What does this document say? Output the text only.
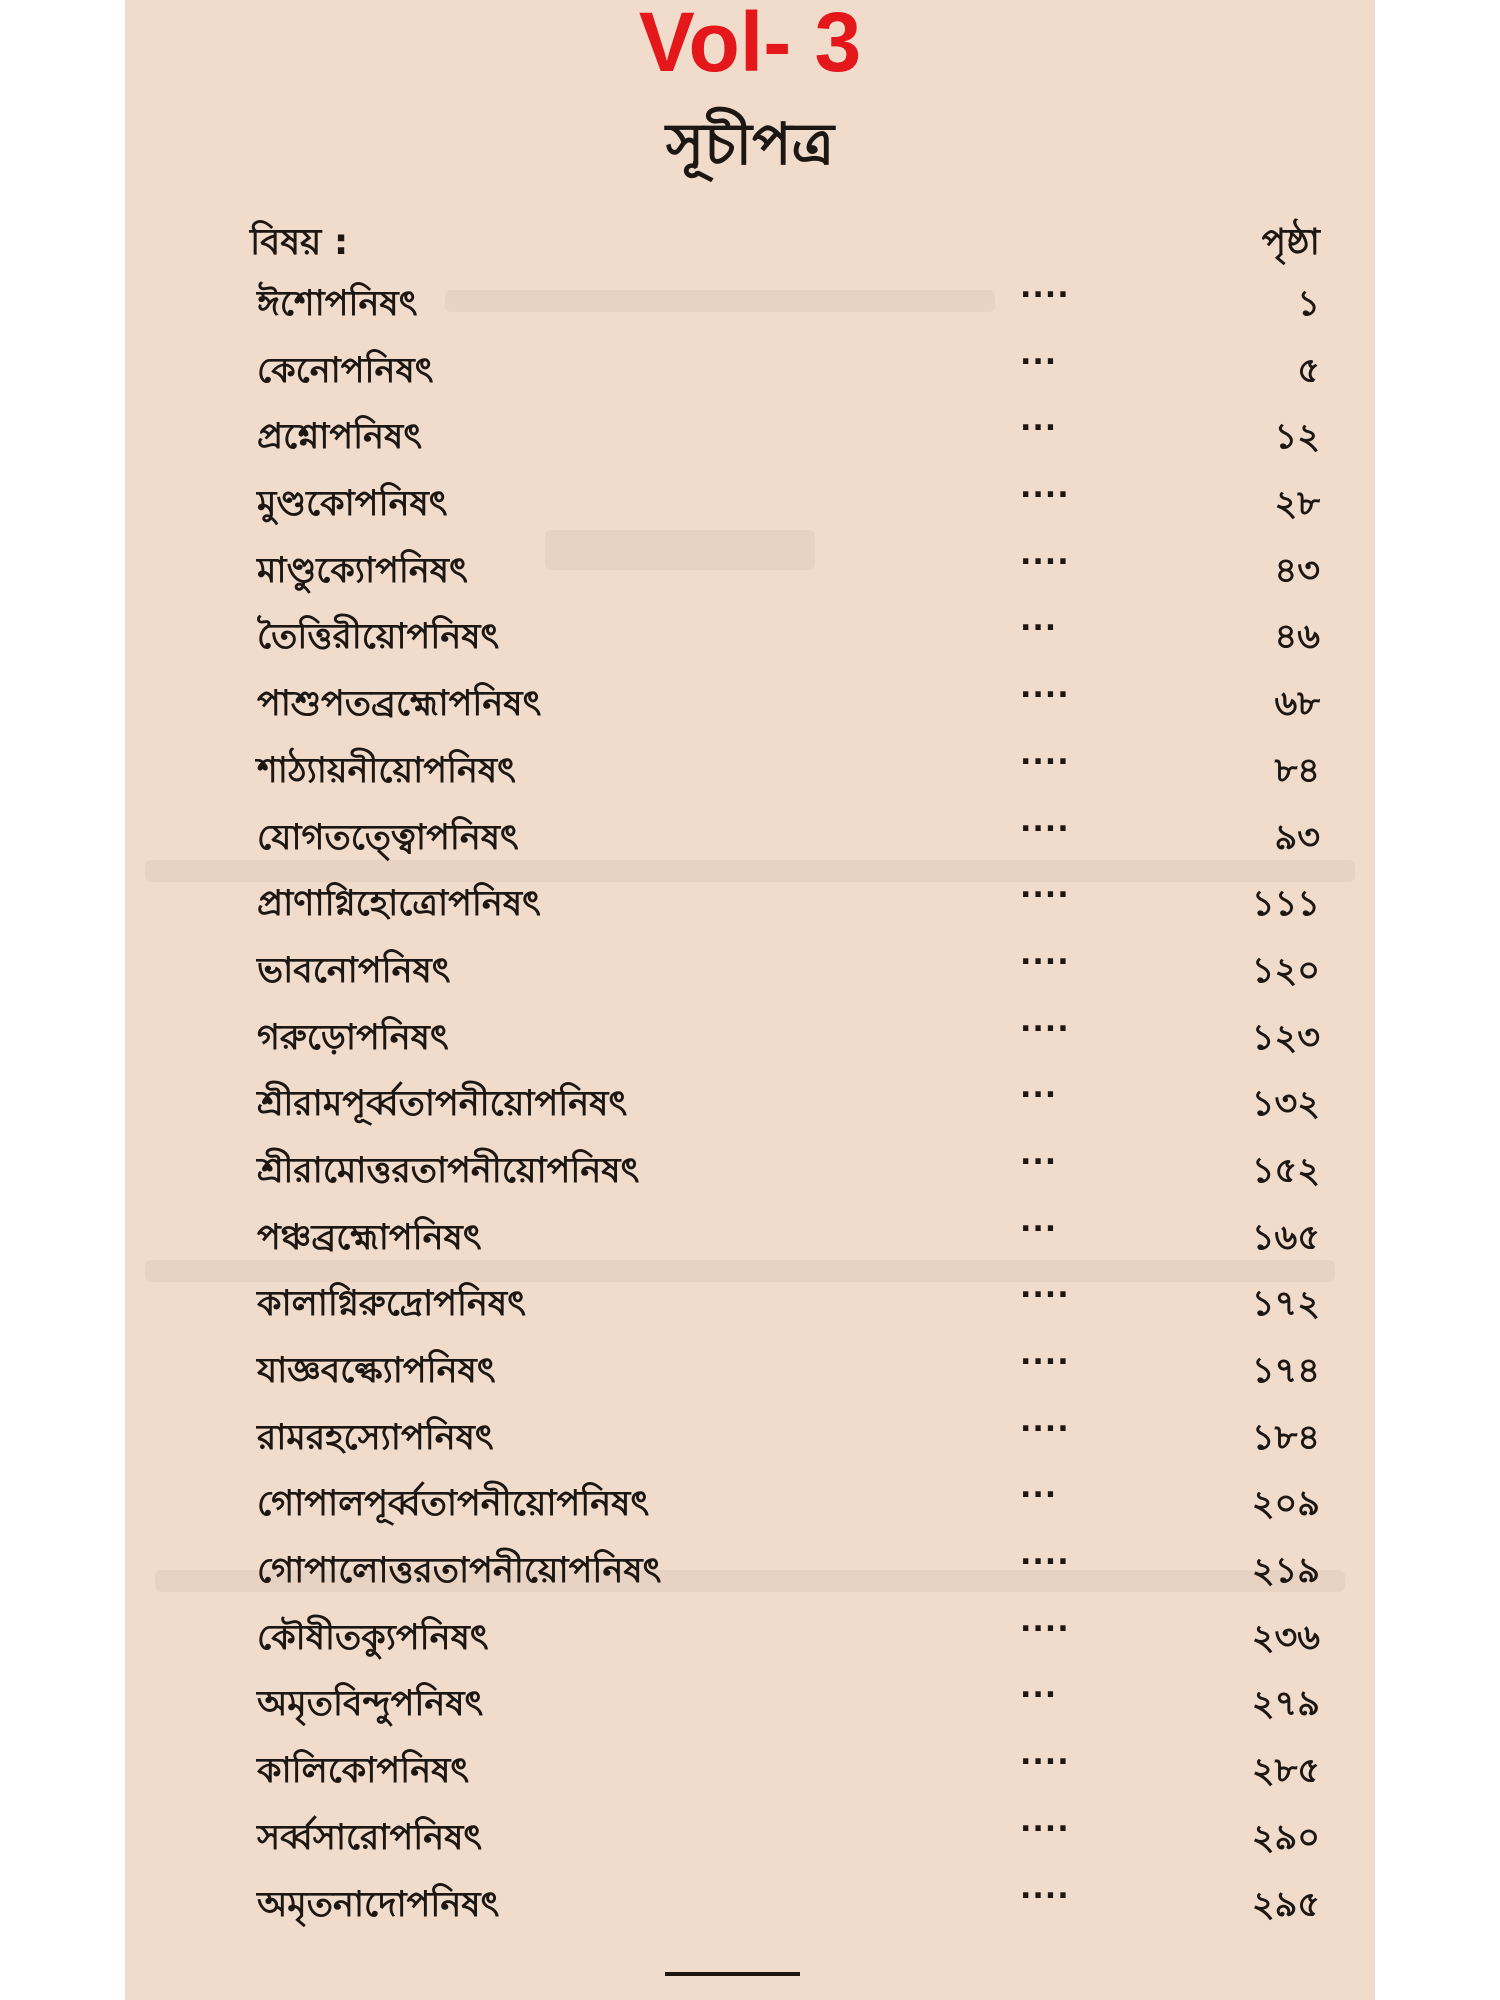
Vol- 3
সূচীপত্র
বিষয় :	পৃষ্ঠা
ঈশোপনিষৎ	....	১
কেনোপনিষৎ	...	৫
প্রশ্নোপনিষৎ	...	১২
মুণ্ডকোপনিষৎ	....	২৮
মাণ্ডুক্যোপনিষৎ	....	৪৩
তৈত্তিরীয়োপনিষৎ	...	৪৬
পাশুপতব্রহ্মোপনিষৎ	....	৬৮
শাঠ্যায়নীয়োপনিষৎ	....	৮৪
যোগতত্ত্বোপনিষৎ	....	৯৩
প্রাণাগ্নিহোত্রোপনিষৎ	....	১১১
ভাবনোপনিষৎ	....	১২০
গরুড়োপনিষৎ	....	১২৩
শ্রীরামপূর্ব্বতাপনীয়োপনিষৎ	...	১৩২
শ্রীরামোত্তরতাপনীয়োপনিষৎ	...	১৫২
পঞ্চব্রহ্মোপনিষৎ	...	১৬৫
কালাগ্নিরুদ্রোপনিষৎ	....	১৭২
যাজ্ঞবল্ক্যোপনিষৎ	....	১৭৪
রামরহস্যোপনিষৎ	....	১৮৪
গোপালপূর্ব্বতাপনীয়োপনিষৎ	...	২০৯
গোপালোত্তরতাপনীয়োপনিষৎ	....	২১৯
কৌষীতক্যুপনিষৎ	....	২৩৬
অমৃতবিন্দুপনিষৎ	...	২৭৯
কালিকোপনিষৎ	....	২৮৫
সর্ব্বসারোপনিষৎ	....	২৯০
অমৃতনাদোপনিষৎ	....	২৯৫
